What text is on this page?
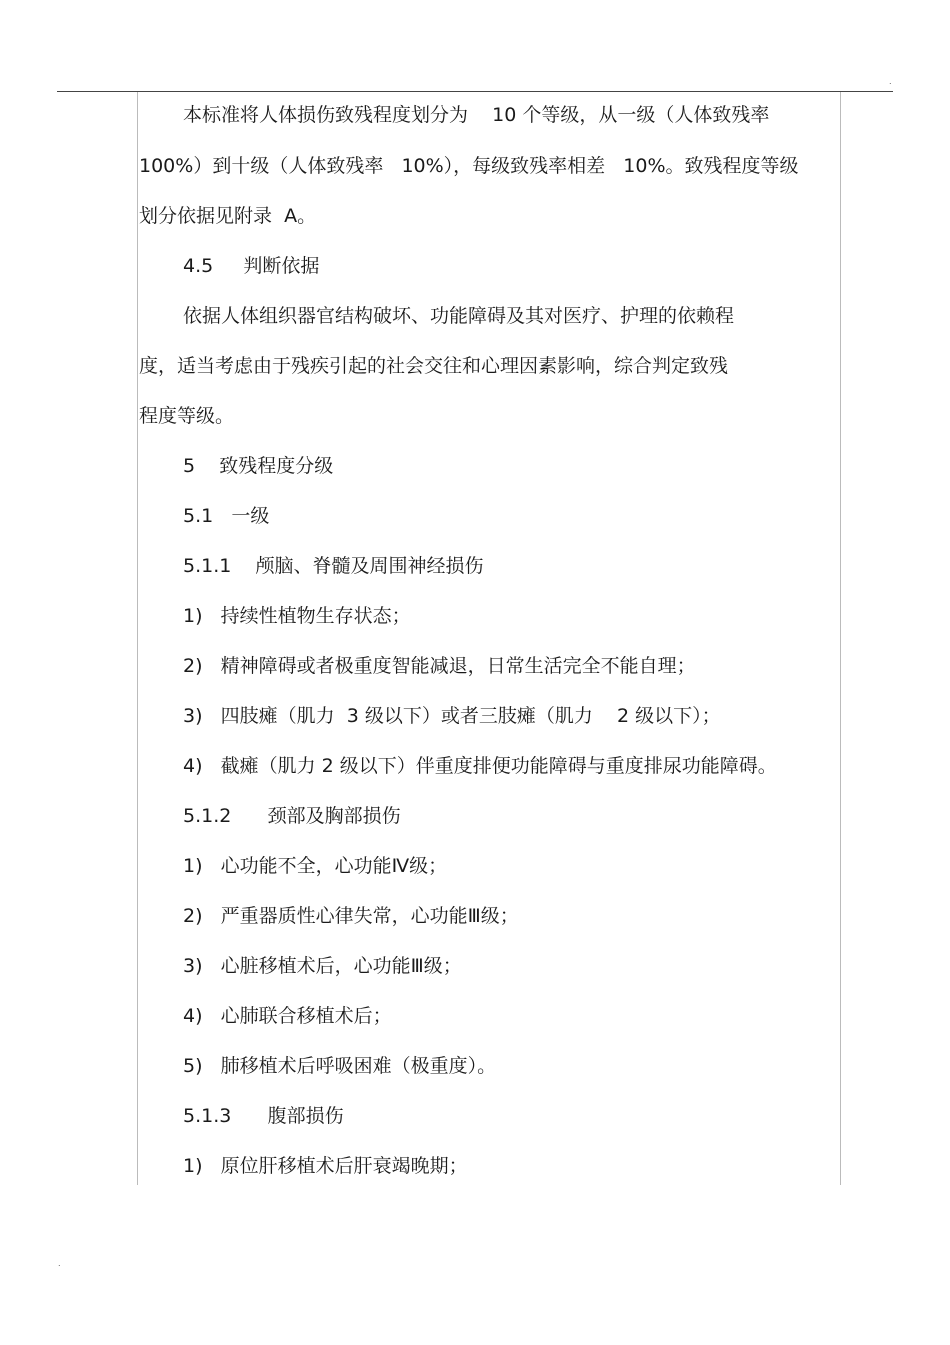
.
.
本标准将人体损伤致残程度划分为    10 个等级，从一级（人体致残率
100%）到十级（人体致残率   10%），每级致残率相差   10%。致残程度等级
划分依据见附录  A。
4.5     判断依据
依据人体组织器官结构破坏、功能障碍及其对医疗、护理的依赖程
度，适当考虑由于残疾引起的社会交往和心理因素影响，综合判定致残
程度等级。
5    致残程度分级
5.1   一级
5.1.1    颅脑、脊髓及周围神经损伤
1)   持续性植物生存状态；
2)   精神障碍或者极重度智能减退，日常生活完全不能自理；
3)   四肢瘫（肌力  3 级以下）或者三肢瘫（肌力    2 级以下）；
4)   截瘫（肌力 2 级以下）伴重度排便功能障碍与重度排尿功能障碍。
5.1.2      颈部及胸部损伤
1)   心功能不全，心功能Ⅳ级；
2)   严重器质性心律失常，心功能Ⅲ级；
3)   心脏移植术后，心功能Ⅲ级；
4)   心肺联合移植术后；
5)   肺移植术后呼吸困难（极重度）。
5.1.3      腹部损伤
1)   原位肝移植术后肝衰竭晚期；
